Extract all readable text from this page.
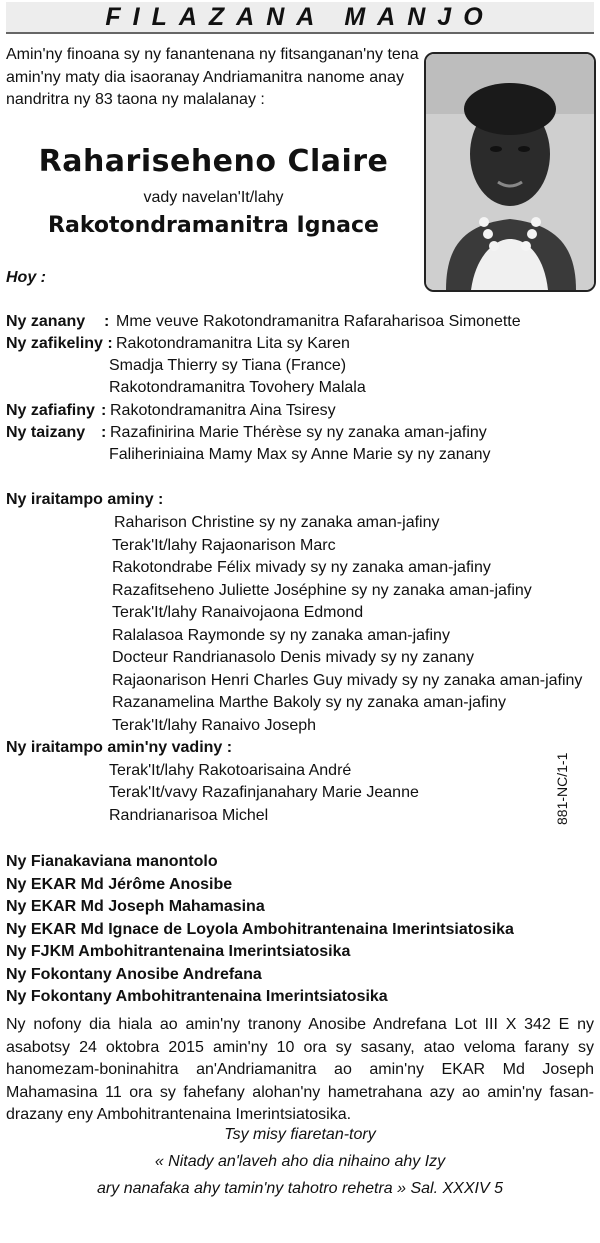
FILAZANA MANJO
Amin'ny finoana sy ny fanantenana ny fitsanganan'ny tena amin'ny maty dia isaoranay Andriamanitra nanome anay nandritra ny 83 taona ny malalanay :
Rahariseheno Claire
vady navelan'It/lahy
Rakotondramanitra Ignace
Hoy :
Ny zanany : Mme veuve Rakotondramanitra Rafaraharisoa Simonette
Ny zafikeliny : Rakotondramanitra Lita sy Karen
Smadja Thierry sy Tiana (France)
Rakotondramanitra Tovohery Malala
Ny zafiafiny : Rakotondramanitra Aina Tsiresy
Ny taizany : Razafinirina Marie Thérèse sy ny zanaka aman-jafiny
Faliheriniaina Mamy Max sy Anne Marie sy ny zanany
Ny iraitampo aminy :
Raharison Christine sy ny zanaka aman-jafiny
Terak'It/lahy Rajaonarison Marc
Rakotondrabe Félix mivady sy ny zanaka aman-jafiny
Razafitseheno Juliette Joséphine sy ny zanaka aman-jafiny
Terak'It/lahy Ranaivojaona Edmond
Ralalasoa Raymonde sy ny zanaka aman-jafiny
Docteur Randrianasolo Denis mivady sy ny zanany
Rajaonarison Henri Charles Guy mivady sy ny zanaka aman-jafiny
Razanamelina Marthe Bakoly sy ny zanaka aman-jafiny
Terak'It/lahy Ranaivo Joseph
Ny iraitampo amin'ny vadiny :
Terak'It/lahy Rakotoarisaina André
Terak'It/vavy Razafinjanahary Marie Jeanne
Randrianarisoa Michel	881-NC/1-1
Ny Fianakaviana manontolo
Ny EKAR Md Jérôme Anosibe
Ny EKAR Md Joseph Mahamasina
Ny EKAR Md Ignace de Loyola Ambohitrantenaina Imerintsiatosika
Ny FJKM Ambohitrantenaina Imerintsiatosika
Ny Fokontany Anosibe Andrefana
Ny Fokontany Ambohitrantenaina Imerintsiatosika
Ny nofony dia hiala ao amin'ny tranony Anosibe Andrefana Lot III X 342 E ny asabotsy 24 oktobra 2015 amin'ny 10 ora sy sasany, atao veloma farany sy hanomezam-boninahitra an'Andriamanitra ao amin'ny EKAR Md Joseph Mahamasina 11 ora sy fahefany alohan'ny hametrahana azy ao amin'ny fasan-drazany eny Ambohitrantenaina Imerintsiatosika.
Tsy misy fiaretan-tory
« Nitady an'laveh aho dia nihaino ahy Izy
ary nanafaka ahy tamin'ny tahotro rehetra » Sal. XXXIV 5
